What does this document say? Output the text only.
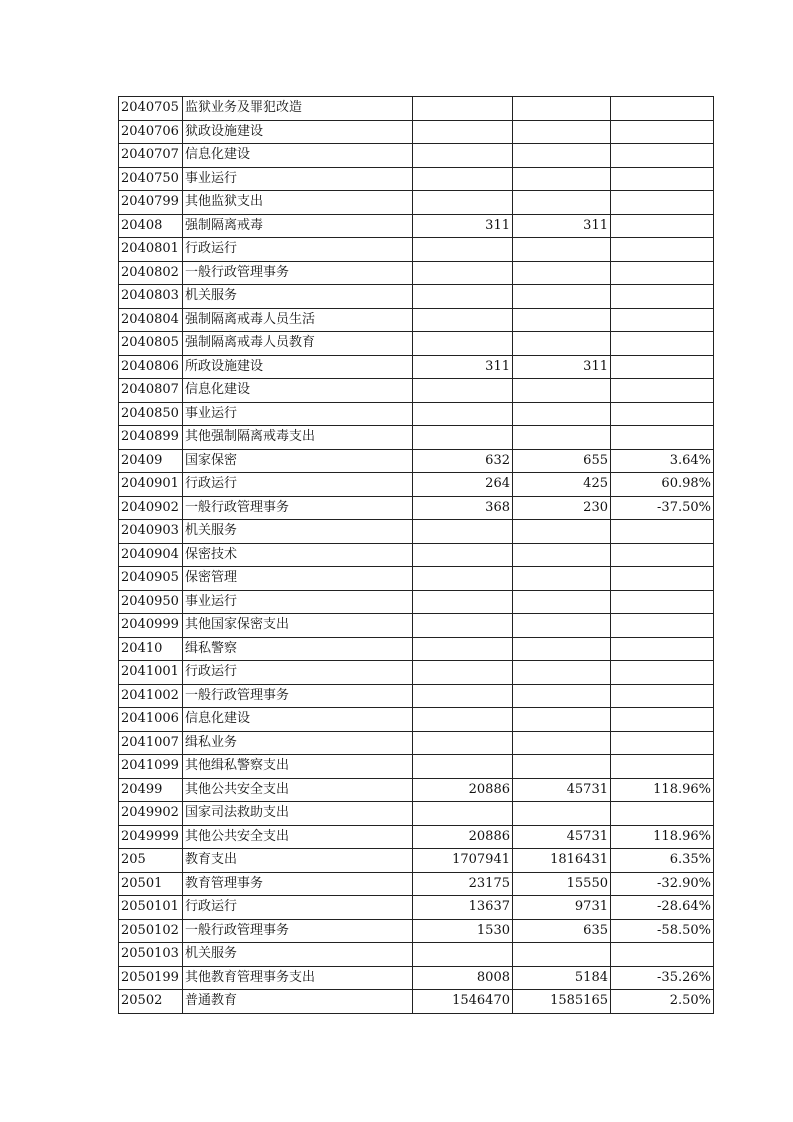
2040705	监狱业务及罪犯改造			
2040706	狱政设施建设			
2040707	信息化建设			
2040750	事业运行			
2040799	其他监狱支出			
20408	强制隔离戒毒	311	311	
2040801	行政运行			
2040802	一般行政管理事务			
2040803	机关服务			
2040804	强制隔离戒毒人员生活			
2040805	强制隔离戒毒人员教育			
2040806	所政设施建设	311	311	
2040807	信息化建设			
2040850	事业运行			
2040899	其他强制隔离戒毒支出			
20409	国家保密	632	655	3.64%
2040901	行政运行	264	425	60.98%
2040902	一般行政管理事务	368	230	-37.50%
2040903	机关服务			
2040904	保密技术			
2040905	保密管理			
2040950	事业运行			
2040999	其他国家保密支出			
20410	缉私警察			
2041001	行政运行			
2041002	一般行政管理事务			
2041006	信息化建设			
2041007	缉私业务			
2041099	其他缉私警察支出			
20499	其他公共安全支出	20886	45731	118.96%
2049902	国家司法救助支出			
2049999	其他公共安全支出	20886	45731	118.96%
205	教育支出	1707941	1816431	6.35%
20501	教育管理事务	23175	15550	-32.90%
2050101	行政运行	13637	9731	-28.64%
2050102	一般行政管理事务	1530	635	-58.50%
2050103	机关服务			
2050199	其他教育管理事务支出	8008	5184	-35.26%
20502	普通教育	1546470	1585165	2.50%
